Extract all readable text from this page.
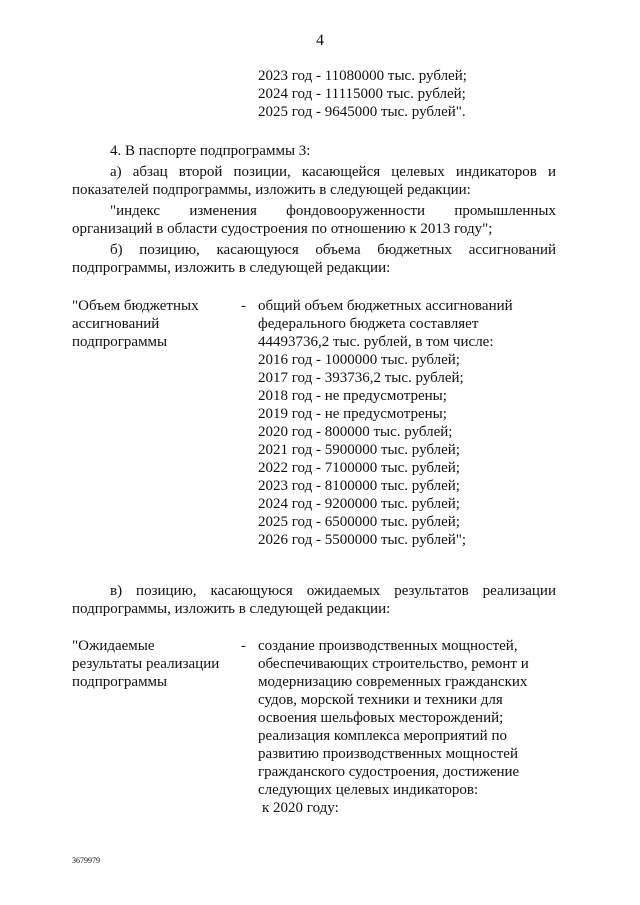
4
2023 год - 11080000 тыс. рублей;
2024 год - 11115000 тыс. рублей;
2025 год - 9645000 тыс. рублей".
4. В паспорте подпрограммы 3:
а) абзац второй позиции, касающейся целевых индикаторов и
показателей подпрограммы, изложить в следующей редакции:
"индекс изменения фондовооруженности промышленных
организаций в области судостроения по отношению к 2013 году";
б) позицию, касающуюся объема бюджетных ассигнований
подпрограммы, изложить в следующей редакции:
"Объем бюджетных
ассигнований
подпрограммы
- общий объем бюджетных ассигнований
федерального бюджета составляет
44493736,2 тыс. рублей, в том числе:
2016 год - 1000000 тыс. рублей;
2017 год - 393736,2 тыс. рублей;
2018 год - не предусмотрены;
2019 год - не предусмотрены;
2020 год - 800000 тыс. рублей;
2021 год - 5900000 тыс. рублей;
2022 год - 7100000 тыс. рублей;
2023 год - 8100000 тыс. рублей;
2024 год - 9200000 тыс. рублей;
2025 год - 6500000 тыс. рублей;
2026 год - 5500000 тыс. рублей";
в) позицию, касающуюся ожидаемых результатов реализации
подпрограммы, изложить в следующей редакции:
"Ожидаемые
результаты реализации
подпрограммы
- создание производственных мощностей,
обеспечивающих строительство, ремонт и
модернизацию современных гражданских
судов, морской техники и техники для
освоения шельфовых месторождений;
реализация комплекса мероприятий по
развитию производственных мощностей
гражданского судостроения, достижение
следующих целевых индикаторов:
к 2020 году:
3679979
